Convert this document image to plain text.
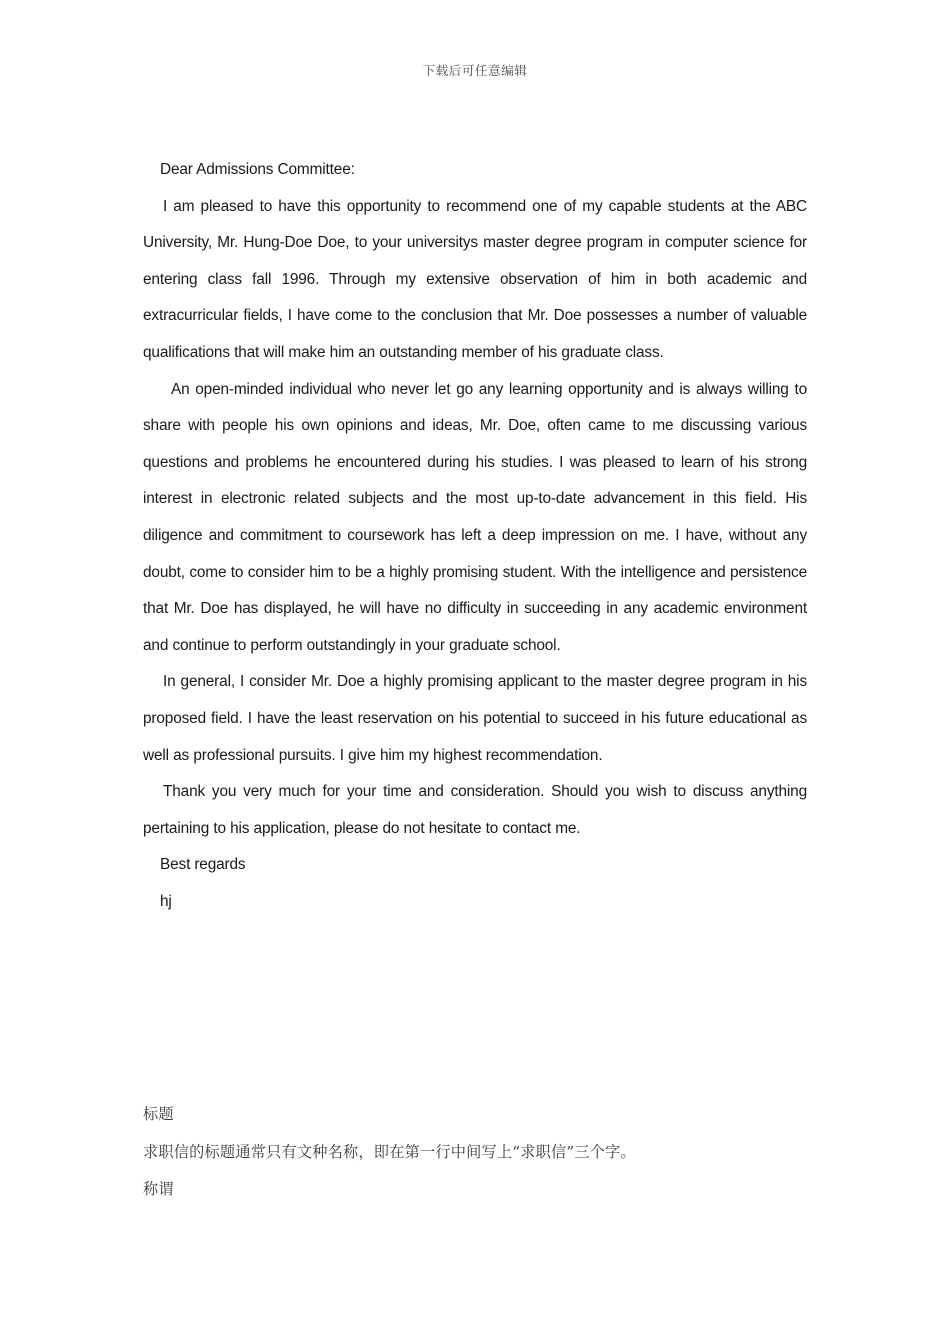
下载后可任意编辑

Dear Admissions Committee:

I am pleased to have this opportunity to recommend one of my capable students at the ABC University, Mr. Hung-Doe Doe, to your universitys master degree program in computer science for entering class fall 1996. Through my extensive observation of him in both academic and extracurricular fields, I have come to the conclusion that Mr. Doe possesses a number of valuable qualifications that will make him an outstanding member of his graduate class.

An open-minded individual who never let go any learning opportunity and is always willing to share with people his own opinions and ideas, Mr. Doe, often came to me discussing various questions and problems he encountered during his studies. I was pleased to learn of his strong interest in electronic related subjects and the most up-to-date advancement in this field. His diligence and commitment to coursework has left a deep impression on me. I have, without any doubt, come to consider him to be a highly promising student. With the intelligence and persistence that Mr. Doe has displayed, he will have no difficulty in succeeding in any academic environment and continue to perform outstandingly in your graduate school.

In general, I consider Mr. Doe a highly promising applicant to the master degree program in his proposed field. I have the least reservation on his potential to succeed in his future educational as well as professional pursuits. I give him my highest recommendation.

Thank you very much for your time and consideration. Should you wish to discuss anything pertaining to his application, please do not hesitate to contact me.

Best regards

hj

标题

求职信的标题通常只有文种名称，即在第一行中间写上“求职信”三个字。

称谓
